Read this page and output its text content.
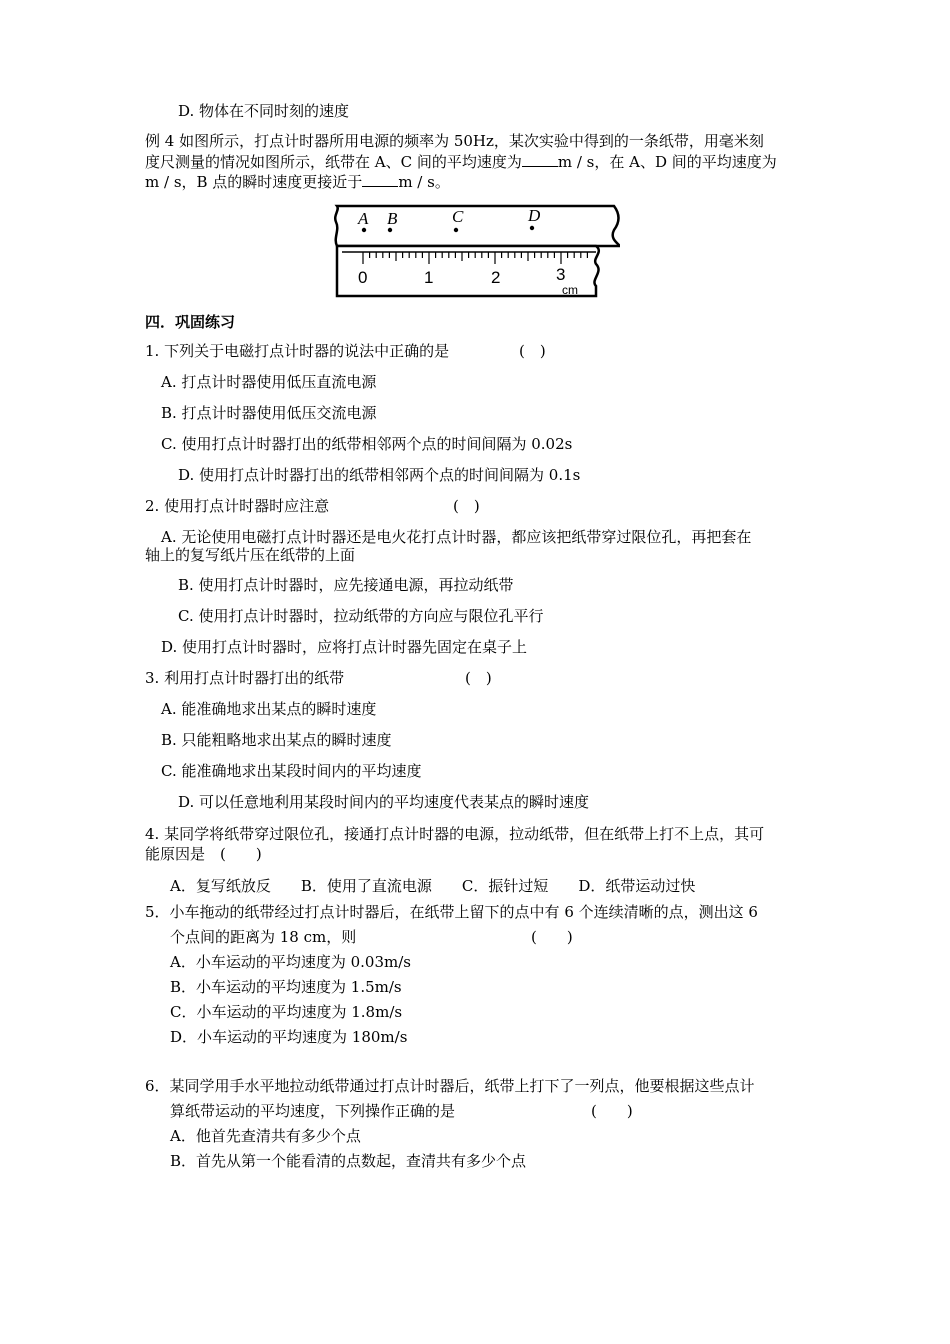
D. 物体在不同时刻的速度
例 4 如图所示，打点计时器所用电源的频率为 50Hz，某次实验中得到的一条纸带，用毫米刻
度尺测量的情况如图所示，纸带在 A、C 间的平均速度为 m / s，在 A、D 间的平均速度为
m / s，B 点的瞬时速度更接近于 m / s。
A B	C	D
0	1	2	3
cm
四．巩固练习
1. 下列关于电磁打点计时器的说法中正确的是	(　)
A. 打点计时器使用低压直流电源
B. 打点计时器使用低压交流电源
C. 使用打点计时器打出的纸带相邻两个点的时间间隔为 0.02s
D. 使用打点计时器打出的纸带相邻两个点的时间间隔为 0.1s
2. 使用打点计时器时应注意	(　)
A. 无论使用电磁打点计时器还是电火花打点计时器，都应该把纸带穿过限位孔，再把套在
轴上的复写纸片压在纸带的上面
B. 使用打点计时器时，应先接通电源，再拉动纸带
C. 使用打点计时器时，拉动纸带的方向应与限位孔平行
D. 使用打点计时器时，应将打点计时器先固定在桌子上
3. 利用打点计时器打出的纸带	(　)
A. 能准确地求出某点的瞬时速度
B. 只能粗略地求出某点的瞬时速度
C. 能准确地求出某段时间内的平均速度
D. 可以任意地利用某段时间内的平均速度代表某点的瞬时速度
4. 某同学将纸带穿过限位孔，接通打点计时器的电源，拉动纸带，但在纸带上打不上点，其可
能原因是　(　　)
A．复写纸放反　　B．使用了直流电源　　C．振针过短　　D．纸带运动过快
5．小车拖动的纸带经过打点计时器后，在纸带上留下的点中有 6 个连续清晰的点，测出这 6
个点间的距离为 18 cm，则	(　　)
A．小车运动的平均速度为 0.03m/s
B．小车运动的平均速度为 1.5m/s
C．小车运动的平均速度为 1.8m/s
D．小车运动的平均速度为 180m/s
6．某同学用手水平地拉动纸带通过打点计时器后，纸带上打下了一列点，他要根据这些点计
算纸带运动的平均速度，下列操作正确的是	(　　)
A．他首先查清共有多少个点
B．首先从第一个能看清的点数起，查清共有多少个点
